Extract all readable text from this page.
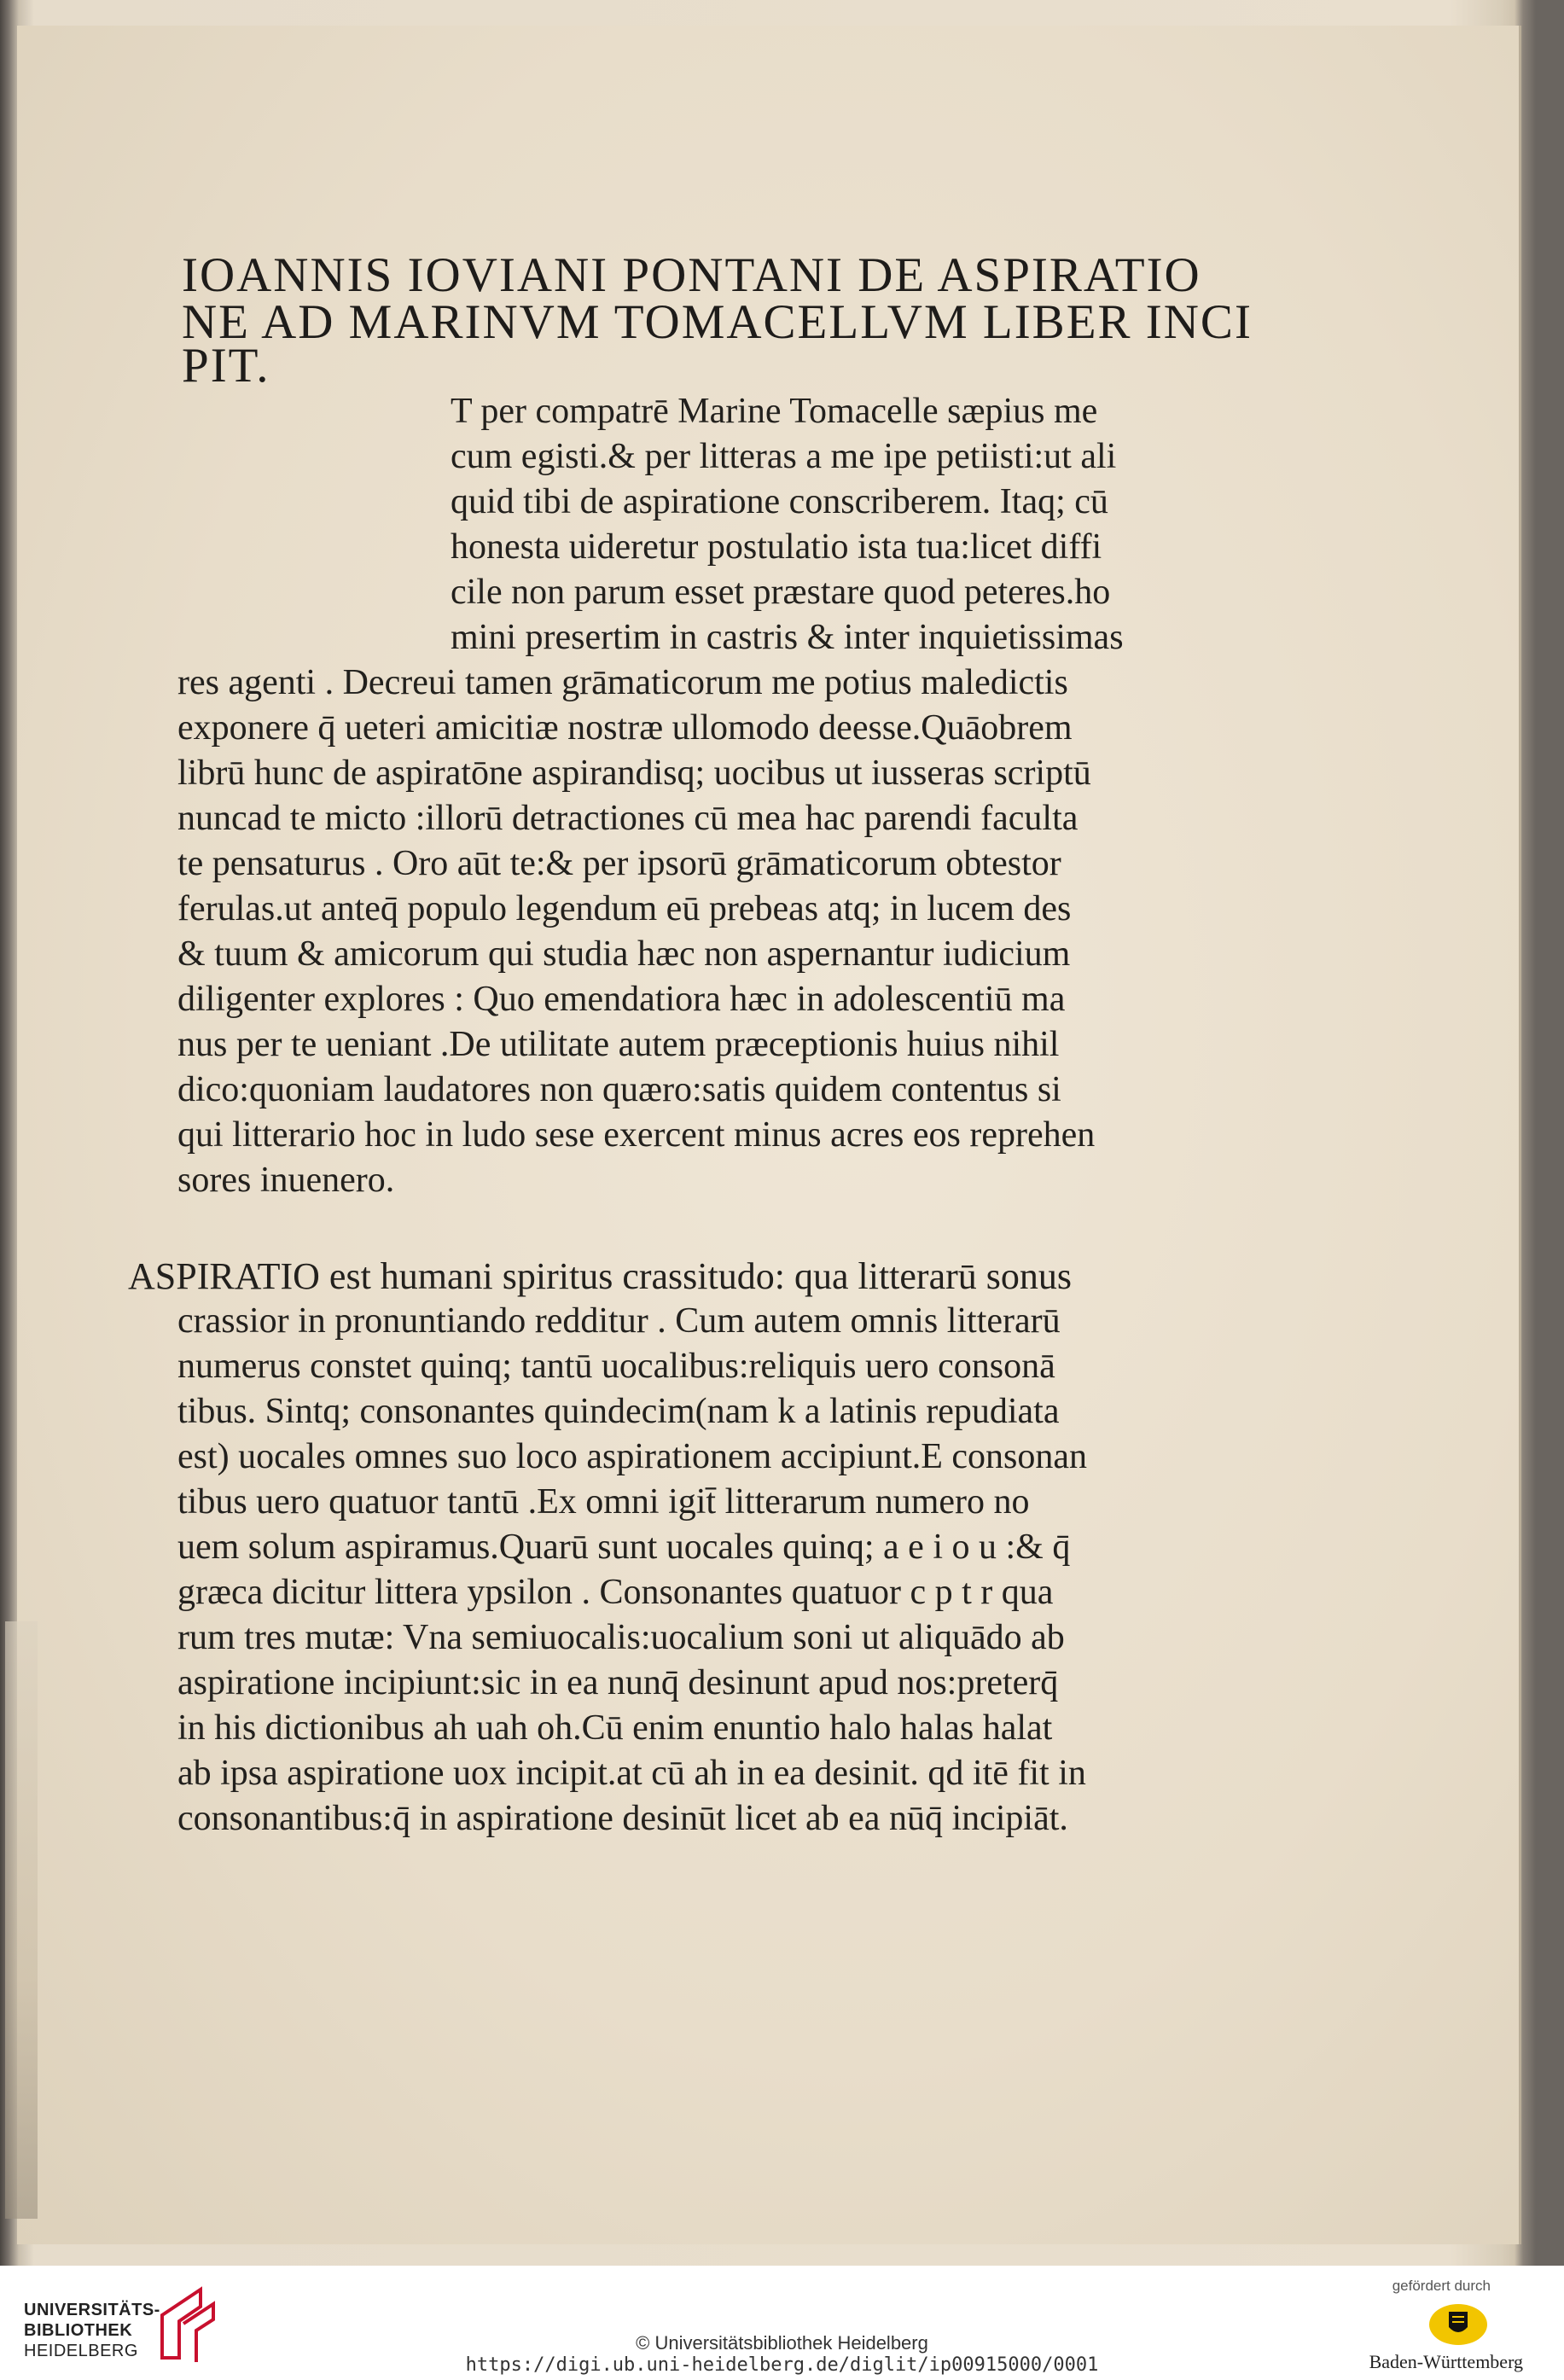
IOANNIS IOVIANI PONTANI DE ASPIRATIO
NE AD MARINVM TOMACELLVM LIBER INCI
PIT.
T per compatrē Marine Tomacelle sæpius me
cum egisti.& per litteras a me ipe petiisti:ut ali
quid tibi de aspiratione conscriberem. Itaq; cū
honesta uideretur postulatio ista tua:licet diffi
cile non parum esset præstare quod peteres.ho
mini presertim in castris & inter inquietissimas
res agenti . Decreui tamen grāmaticorum me potius maledictis
exponere q̄ ueteri amicitiæ nostræ ullomodo deesse.Quāobrem
librū hunc de aspiratōne aspirandisq; uocibus ut iusseras scriptū
nuncad te micto :illorū detractiones cū mea hac parendi faculta
te pensaturus . Oro aūt te:& per ipsorū grāmaticorum obtestor
ferulas.ut anteq̄ populo legendum eū prebeas atq; in lucem des
& tuum & amicorum qui studia hæc non aspernantur iudicium
diligenter explores : Quo emendatiora hæc in adolescentiū ma
nus per te ueniant .De utilitate autem præceptionis huius nihil
dico:quoniam laudatores non quæro:satis quidem contentus si
qui litterario hoc in ludo sese exercent minus acres eos reprehen
sores inuenero.
ASPIRATIO est humani spiritus crassitudo: qua litterarū sonus
crassior in pronuntiando redditur . Cum autem omnis litterarū
numerus constet quinq; tantū uocalibus:reliquis uero consonā
tibus. Sintq; consonantes quindecim(nam k a latinis repudiata
est) uocales omnes suo loco aspirationem accipiunt.E consonan
tibus uero quatuor tantū .Ex omni igit̄ litterarum numero no
uem solum aspiramus.Quarū sunt uocales quinq; a e i o u :& q̄
græca dicitur littera ypsilon . Consonantes quatuor c p t r qua
rum tres mutæ: Vna semiuocalis:uocalium soni ut aliquādo ab
aspiratione incipiunt:sic in ea nunq̄ desinunt apud nos:preterq̄
in his dictionibus ah uah oh.Cū enim enuntio halo halas halat
ab ipsa aspiratione uox incipit.at cū ah in ea desinit. qd itē fit in
consonantibus:q̄ in aspiratione desinūt licet ab ea nūq̄ incipiāt.
UNIVERSITÄTS-
BIBLIOTHEK
HEIDELBERG	© Universitätsbibliothek Heidelberg
https://digi.ub.uni-heidelberg.de/diglit/ip00915000/0001
gefördert durch
Baden-Württemberg
